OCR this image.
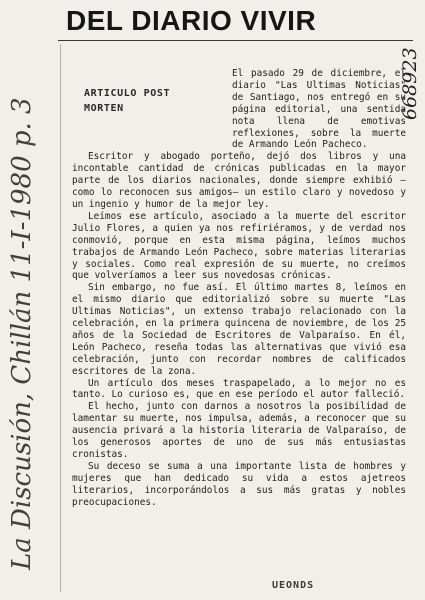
DEL DIARIO VIVIR
La Discusión, Chillán 11-I-1980 p. 3
668923
ARTICULO POST
MORTEN

El pasado 29 de diciembre, el diario "Las Ultimas Noticias" de Santiago, nos entregó en su página editorial, una sentida nota llena de emotivas reflexiones, sobre la muerte de Armando León Pacheco.

Escritor y abogado porteño, dejó dos libros y una incontable cantidad de crónicas publicadas en la mayor parte de los diarios nacionales, donde siempre exhibió —como lo reconocen sus amigos— un estilo claro y novedoso y un ingenio y humor de la mejor ley.

Leímos ese artículo, asociado a la muerte del escritor Julio Flores, a quien ya nos refiriéramos, y de verdad nos conmovió, porque en esta misma página, leímos muchos trabajos de Armando León Pacheco, sobre materias literarias y sociales. Como real expresión de su muerte, no creímos que volveríamos a leer sus novedosas crónicas.

Sin embargo, no fue así. El último martes 8, leímos en el mismo diario que editorializó sobre su muerte "Las Ultimas Noticias", un extenso trabajo relacionado con la celebración, en la primera quincena de noviembre, de los 25 años de la Sociedad de Escritores de Valparaíso. En él, León Pacheco, reseña todas las alternativas que vivió esa celebración, junto con recordar nombres de calificados escritores de la zona.

Un artículo dos meses traspapelado, a lo mejor no es tanto. Lo curioso es, que en ese período el autor falleció.

El hecho, junto con darnos a nosotros la posibilidad de lamentar su muerte, nos impulsa, además, a reconocer que su ausencia privará a la historia literaria de Valparaíso, de los generosos aportes de uno de sus más entusiastas cronistas.

Su deceso se suma a una importante lista de hombres y mujeres que han dedicado su vida a estos ajetreos literarios, incorporándolos a sus más gratas y nobles preocupaciones.

UEONDS
